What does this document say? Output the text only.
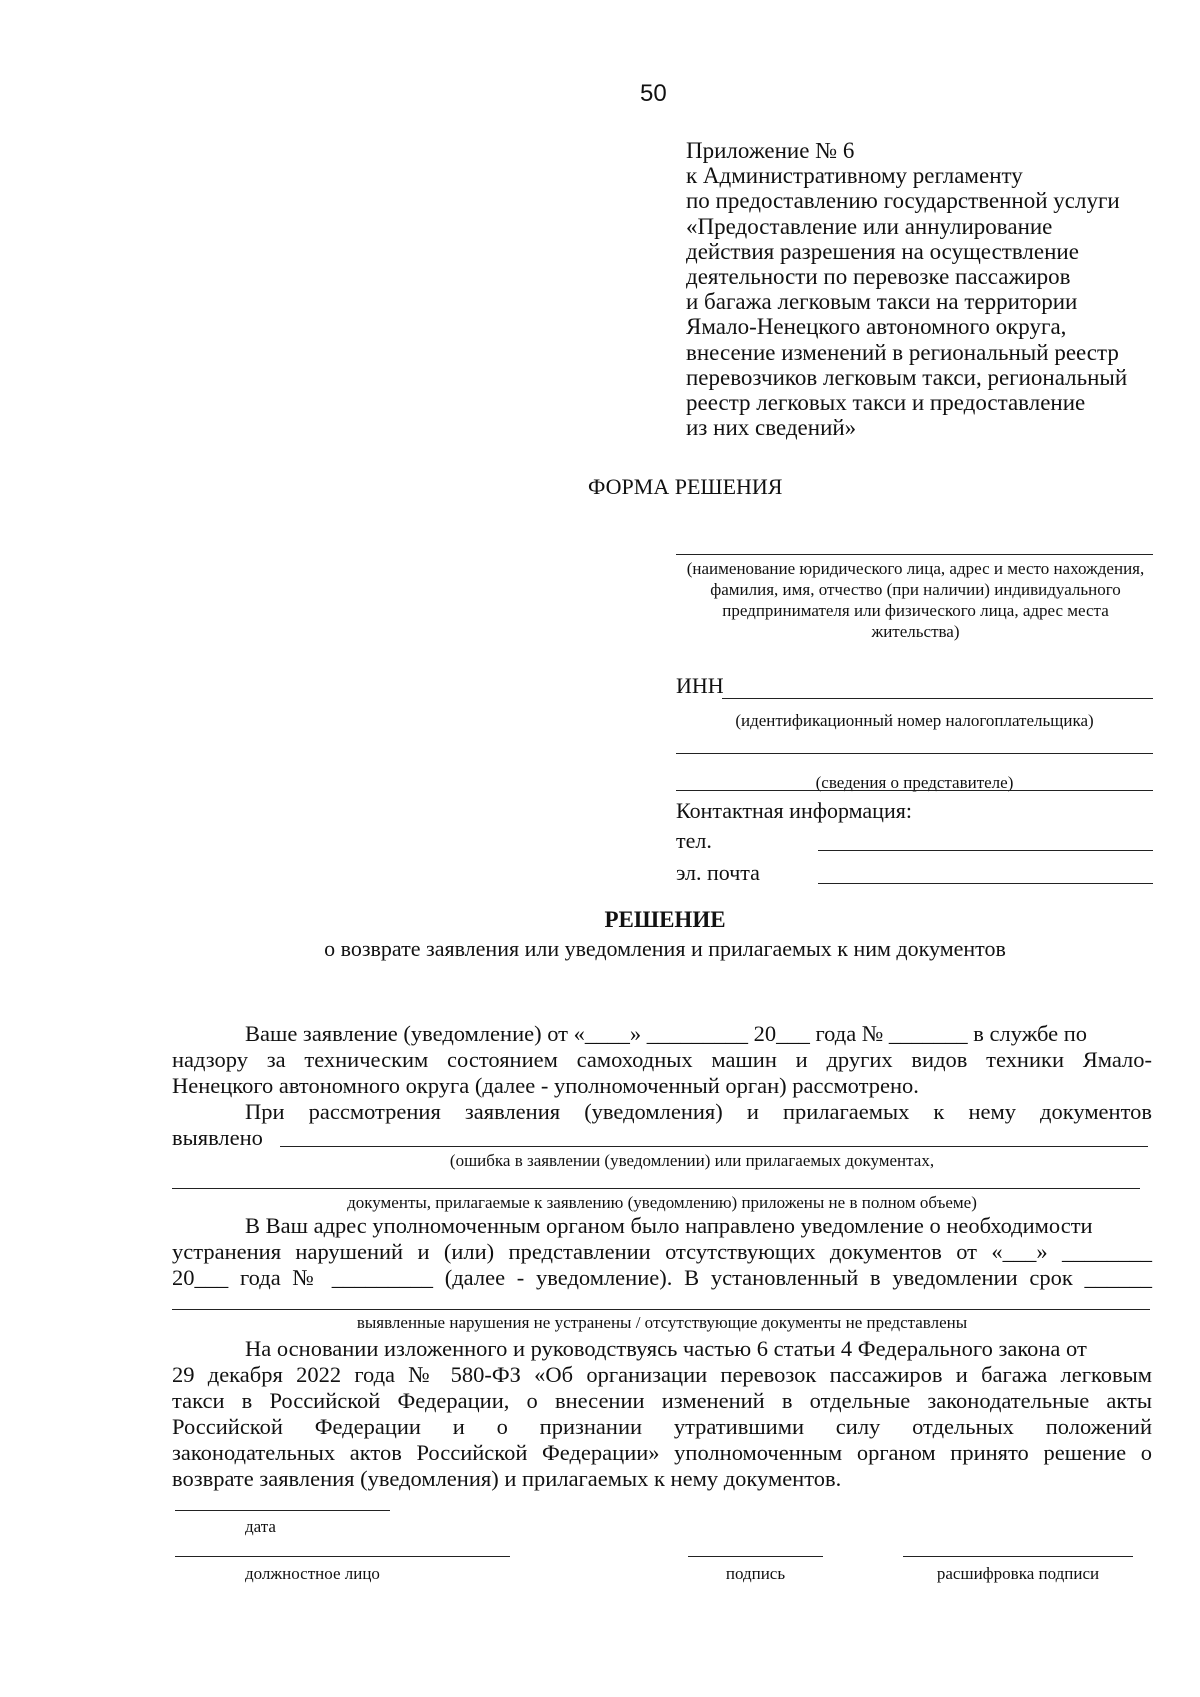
50
Приложение № 6
к Административному регламенту
по предоставлению государственной услуги
«Предоставление или аннулирование
действия разрешения на осуществление
деятельности по перевозке пассажиров
и багажа легковым такси на территории
Ямало-Ненецкого автономного округа,
внесение изменений в региональный реестр
перевозчиков легковым такси, региональный
реестр легковых такси и предоставление
из них сведений»
ФОРМА РЕШЕНИЯ
(наименование юридического лица, адрес и место нахождения, фамилия, имя, отчество (при наличии) индивидуального предпринимателя или физического лица, адрес места жительства)
ИНН
(идентификационный номер налогоплательщика)
(сведения о представителе)
Контактная информация:
тел.
эл. почта
РЕШЕНИЕ
о возврате заявления или уведомления и прилагаемых к ним документов
Ваше заявление (уведомление) от «____» _________ 20___ года № _______ в службе по
надзору за техническим состоянием самоходных машин и других видов техники Ямало-
Ненецкого автономного округа (далее - уполномоченный орган) рассмотрено.
При рассмотрения заявления (уведомления) и прилагаемых к нему документов
выявлено
(ошибка в заявлении (уведомлении) или прилагаемых документах,
документы, прилагаемые к заявлению (уведомлению) приложены не в полном объеме)
В Ваш адрес уполномоченным органом было направлено уведомление о необходимости
устранения нарушений и (или) представлении отсутствующих документов от «___» ________
20___ года № _________ (далее - уведомление). В установленный в уведомлении срок ______
выявленные нарушения не устранены / отсутствующие документы не представлены
На основании изложенного и руководствуясь частью 6 статьи 4 Федерального закона от
29 декабря 2022 года № 580-ФЗ «Об организации перевозок пассажиров и багажа легковым
такси в Российской Федерации, о внесении изменений в отдельные законодательные акты
Российской Федерации и о признании утратившими силу отдельных положений
законодательных актов Российской Федерации» уполномоченным органом принято решение о
возврате заявления (уведомления) и прилагаемых к нему документов.
дата
должностное лицо	подпись	расшифровка подписи
